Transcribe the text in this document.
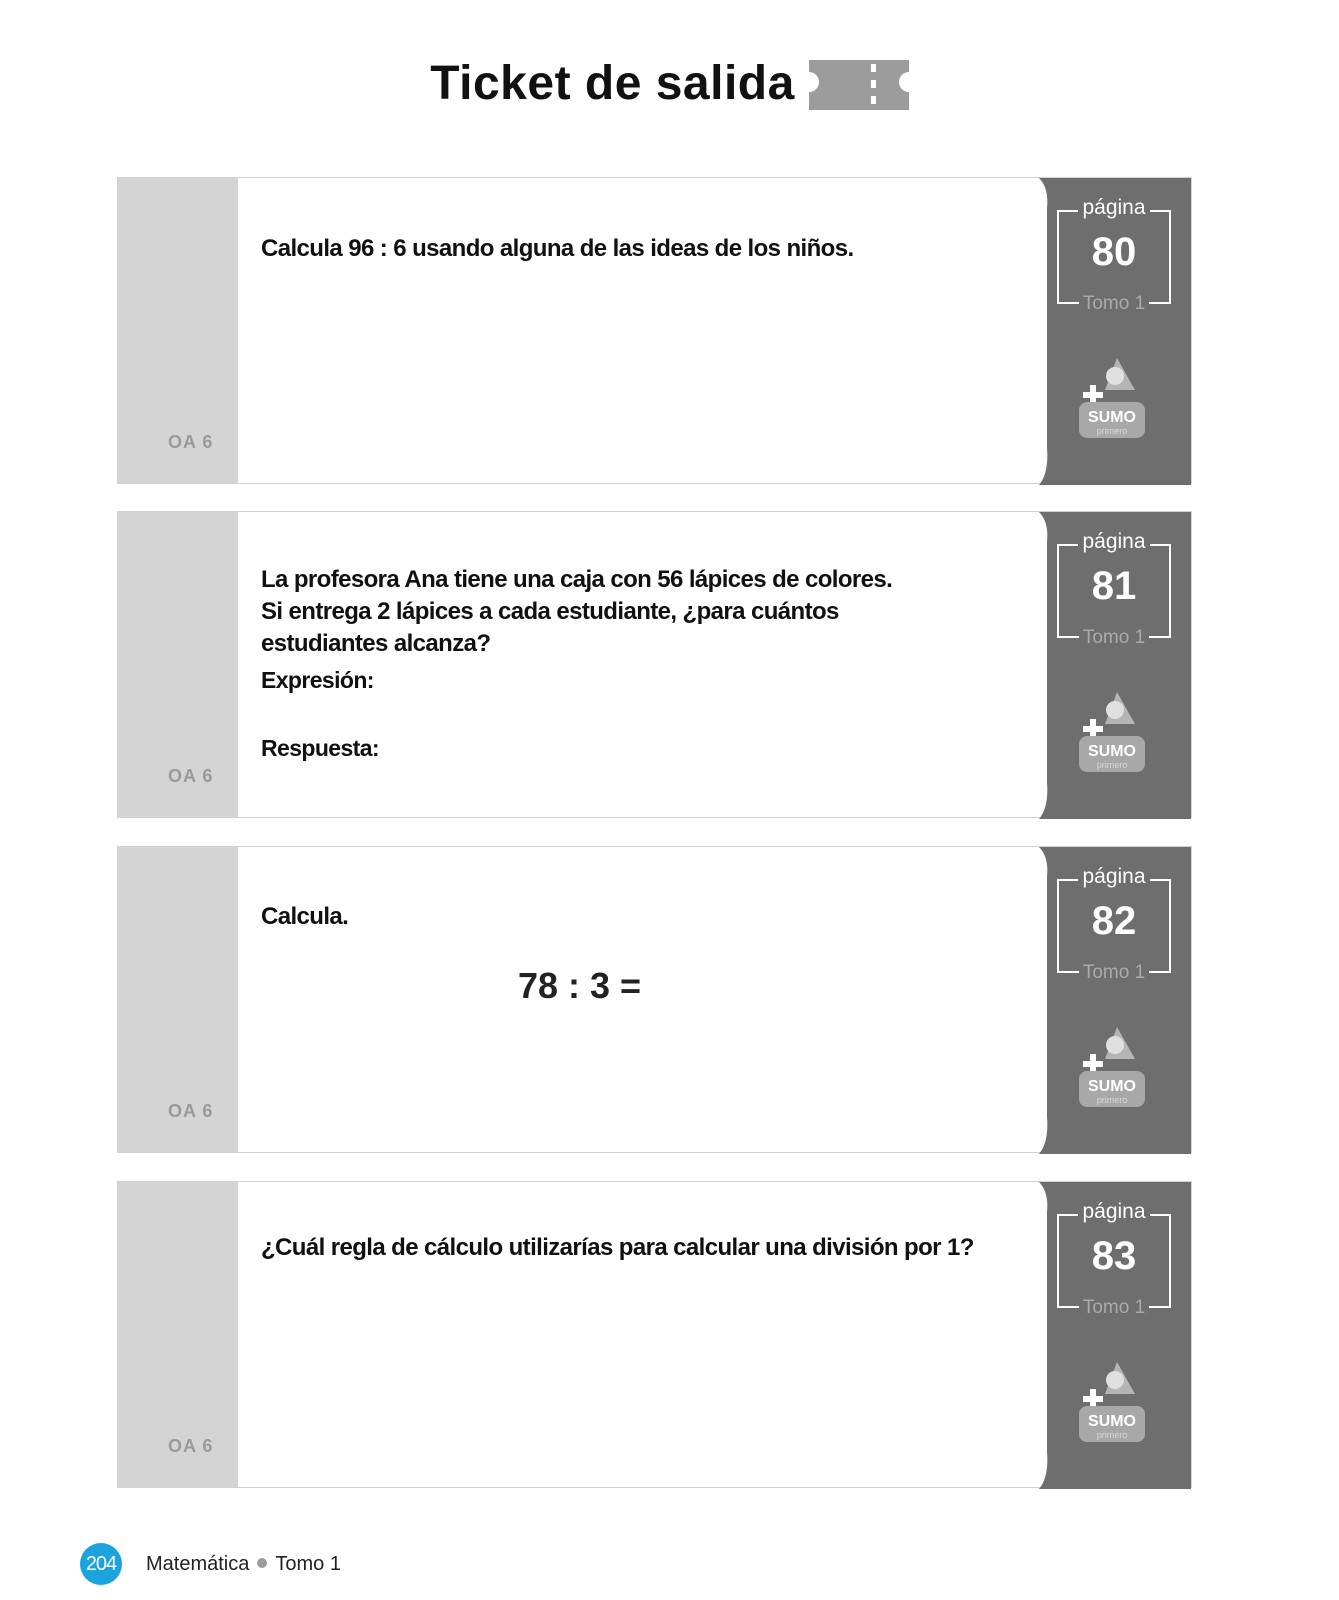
Ticket de salida
OA 6
Calcula 96 : 6 usando alguna de las ideas de los niños.
página
80
Tomo 1
SUMO
primero
OA 6
La profesora Ana tiene una caja con 56 lápices de colores.
Si entrega 2 lápices a cada estudiante, ¿para cuántos
estudiantes alcanza?
Expresión:
Respuesta:
página
81
Tomo 1
SUMO
primero
OA 6
Calcula.
78 : 3 =
página
82
Tomo 1
SUMO
primero
OA 6
¿Cuál regla de cálculo utilizarías para calcular una división por 1?
página
83
Tomo 1
SUMO
primero
204 Matemática Tomo 1
